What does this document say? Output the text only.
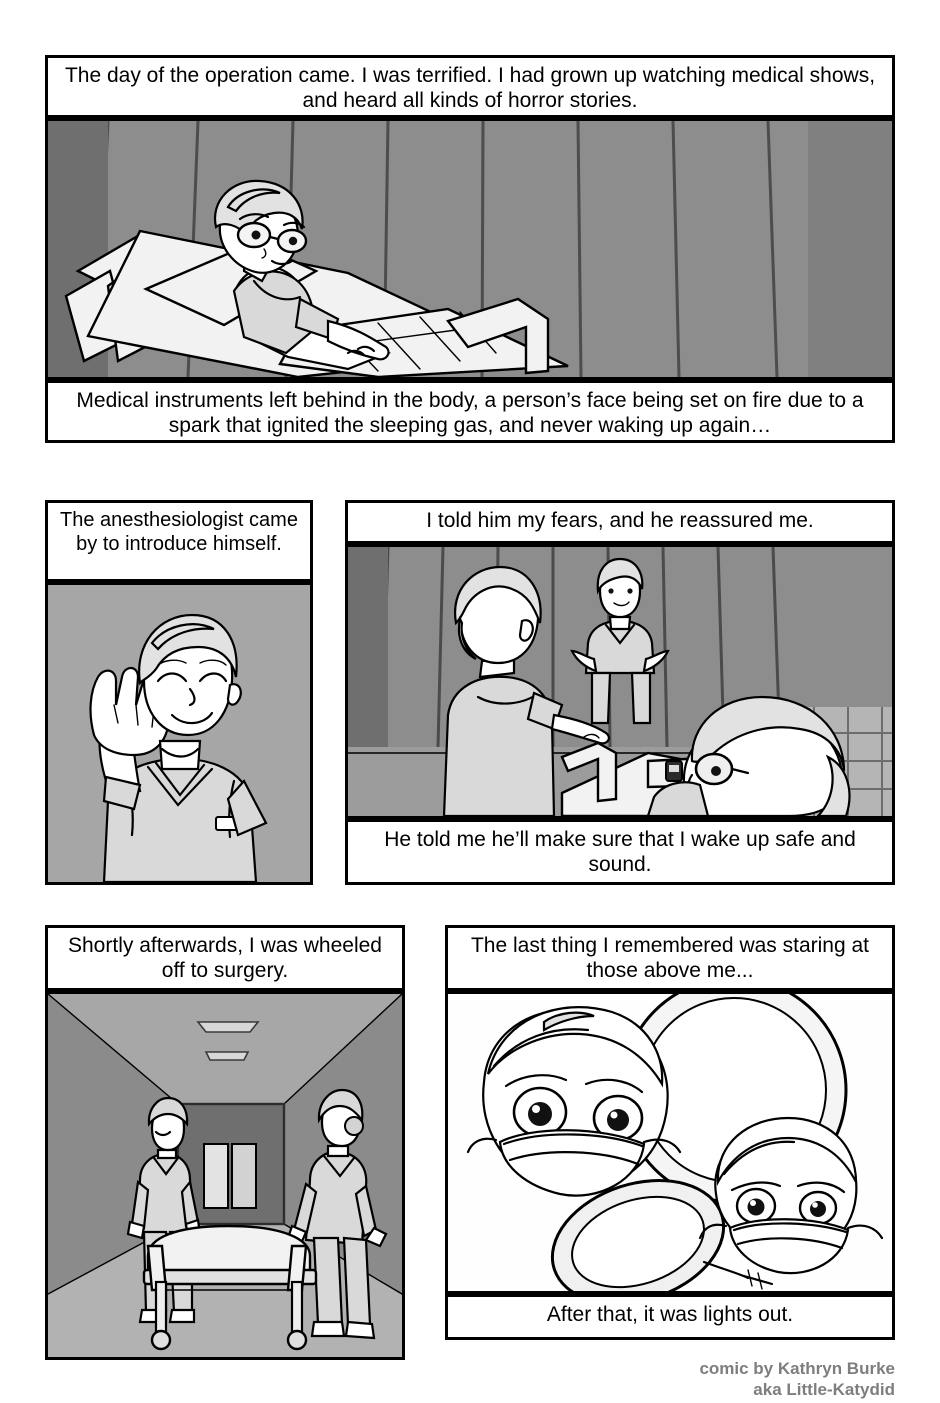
The day of the operation came. I was terrified. I had grown up watching medical shows, and heard all kinds of horror stories.
Medical instruments left behind in the body, a person’s face being set on fire due to a spark that ignited the sleeping gas, and never waking up again…
The anesthesiologist came by to introduce himself.
I told him my fears, and he reassured me.
He told me he’ll make sure that I wake up safe and sound.
Shortly afterwards, I was wheeled off to surgery.
The last thing I remembered was staring at those above me...
After that, it was lights out.
comic by Kathryn Burke
aka Little-Katydid
